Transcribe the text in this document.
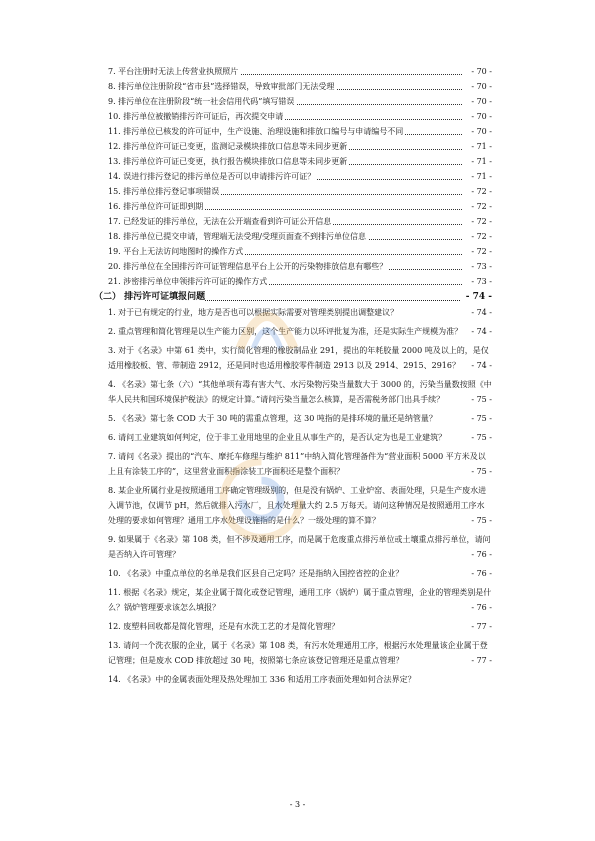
7. 平台注册时无法上传营业执照照片	- 70 -
8. 排污单位注册阶段“省市县”选择错误，导致审批部门无法受理	- 70 -
9. 排污单位在注册阶段“统一社会信用代码”填写错误	- 70 -
10. 排污单位被撤销排污许可证后，再次提交申请	- 70 -
11. 排污单位已核发的许可证中，生产设施、治理设施和排放口编号与申请编号不同	- 70 -
12. 排污单位许可证已变更，监测记录模块排放口信息等未同步更新	- 71 -
13. 排污单位许可证已变更，执行报告模块排放口信息等未同步更新	- 71 -
14. 误进行排污登记的排污单位是否可以申请排污许可证？	- 71 -
15. 排污单位排污登记事项错误	- 72 -
16. 排污单位许可证即到期	- 72 -
17. 已经发证的排污单位，无法在公开端查看到许可证公开信息	- 72 -
18. 排污单位已提交申请，管理端无法受理/受理页面查不到排污单位信息	- 72 -
19. 平台上无法访问地图时的操作方式	- 72 -
20. 排污单位在全国排污许可证管理信息平台上公开的污染物排放信息有哪些？	- 73 -
21. 涉密排污单位申领排污许可证的操作方式	- 73 -
（二） 排污许可证填报问题	- 74 -
1. 对于已有规定的行业，地方是否也可以根据实际需要对管理类别提出调整建议？	- 74 -
2. 重点管理和简化管理是以生产能力区别，这个生产能力以环评批复为准，还是实际生产规模为准？	- 74 -
3. 对于《名录》中第 61 类中，实行简化管理的橡胶制品业 291，提出的年耗胶量 2000 吨及以上的，是仅适用橡胶板、管、带制造 2912，还是同时也适用橡胶零件制造 2913 以及 2914、2915、2916？	- 74 -
4. 《名录》第七条（六）“其他单项有毒有害大气、水污染物污染当量数大于 3000 的，污染当量数按照《中华人民共和国环境保护税法》的规定计算。”请问污染当量怎么核算，是否需税务部门出具手续？	- 75 -
5. 《名录》第七条 COD 大于 30 吨的需重点管理，这 30 吨指的是排环境的量还是纳管量？	- 75 -
6. 请问工业建筑如何判定，位于非工业用地里的企业且从事生产的，是否认定为也是工业建筑？	- 75 -
7. 请问《名录》提出的“汽车、摩托车修理与维护 811”中纳入简化管理备件为“营业面积 5000 平方米及以上且有涂装工序的”，这里营业面积指涂装工序面积还是整个面积？	- 75 -
8. 某企业所属行业是按照通用工序确定管理级别的，但是没有锅炉、工业炉窑、表面处理，只是生产废水进入调节池，仅调节 pH，然后就排入污水厂，且水处理量大约 2.5 万每天。请问这种情况是按照通用工序水处理的要求如何管理？通用工序水处理设施指的是什么？一级处理的算不算？	- 75 -
9. 如果属于《名录》第 108 类，但不涉及通用工序，而是属于危废重点排污单位或土壤重点排污单位，请问是否纳入许可管理？	- 76 -
10. 《名录》中重点单位的名单是我们区县自己定吗？还是指纳入国控省控的企业？	- 76 -
11. 根据《名录》规定，某企业属于简化或登记管理，通用工序（锅炉）属于重点管理，企业的管理类别是什么？锅炉管理要求该怎么填报？	- 76 -
12. 废塑料回收都是简化管理，还是有水洗工艺的才是简化管理？	- 77 -
13. 请问一个洗衣服的企业，属于《名录》第 108 类，有污水处理通用工序，根据污水处理量该企业属于登记管理；但是废水 COD 排放超过 30 吨，按照第七条应该登记管理还是重点管理？	- 77 -
14. 《名录》中的金属表面处理及热处理加工 336 和适用工序表面处理如何合法界定？
- 3 -
